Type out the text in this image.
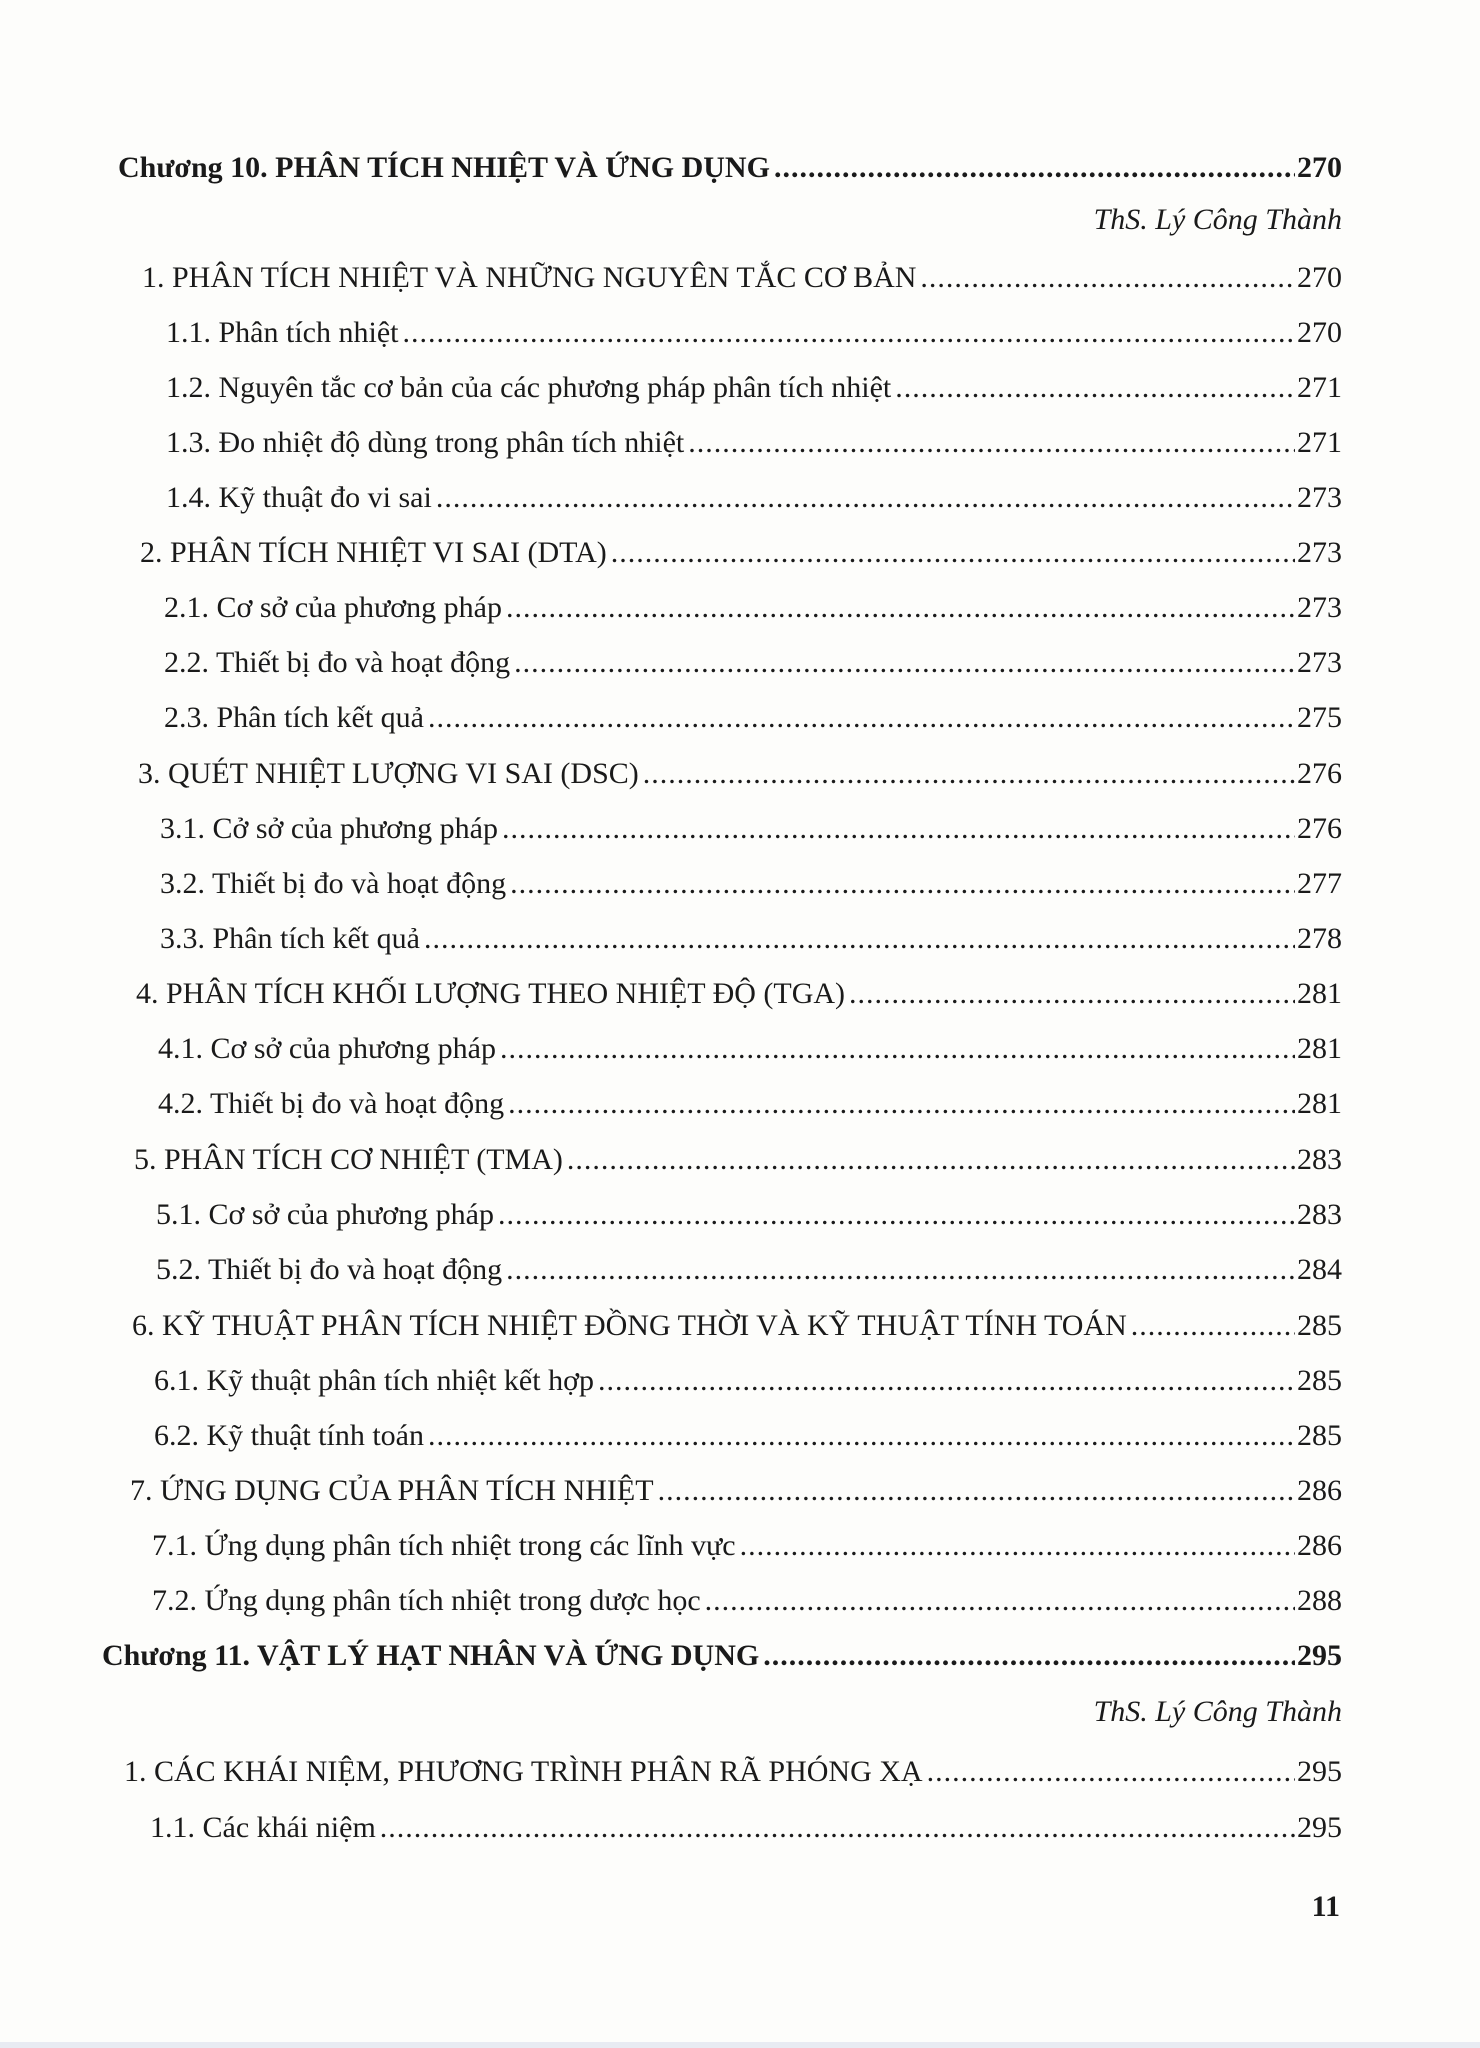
Chương 10. PHÂN TÍCH NHIỆT VÀ ỨNG DỤNG .....	270
ThS. Lý Công Thành
1. PHÂN TÍCH NHIỆT VÀ NHỮNG NGUYÊN TẮC CƠ BẢN .....	270
1.1. Phân tích nhiệt .....	270
1.2. Nguyên tắc cơ bản của các phương pháp phân tích nhiệt .....	271
1.3. Đo nhiệt độ dùng trong phân tích nhiệt .....	271
1.4. Kỹ thuật đo vi sai .....	273
2. PHÂN TÍCH NHIỆT VI SAI (DTA) .....	273
2.1. Cơ sở của phương pháp .....	273
2.2. Thiết bị đo và hoạt động .....	273
2.3. Phân tích kết quả .....	275
3. QUÉT NHIỆT LƯỢNG VI SAI (DSC) .....	276
3.1. Cở sở của phương pháp .....	276
3.2. Thiết bị đo và hoạt động .....	277
3.3. Phân tích kết quả .....	278
4. PHÂN TÍCH KHỐI LƯỢNG THEO NHIỆT ĐỘ (TGA) .....	281
4.1. Cơ sở của phương pháp .....	281
4.2. Thiết bị đo và hoạt động .....	281
5. PHÂN TÍCH CƠ NHIỆT (TMA) .....	283
5.1. Cơ sở của phương pháp .....	283
5.2. Thiết bị đo và hoạt động .....	284
6. KỸ THUẬT PHÂN TÍCH NHIỆT ĐỒNG THỜI VÀ KỸ THUẬT TÍNH TOÁN .....	285
6.1. Kỹ thuật phân tích nhiệt kết hợp .....	285
6.2. Kỹ thuật tính toán .....	285
7. ỨNG DỤNG CỦA PHÂN TÍCH NHIỆT .....	286
7.1. Ứng dụng phân tích nhiệt trong các lĩnh vực .....	286
7.2. Ứng dụng phân tích nhiệt trong dược học .....	288
Chương 11. VẬT LÝ HẠT NHÂN VÀ ỨNG DỤNG .....	295
ThS. Lý Công Thành
1. CÁC KHÁI NIỆM, PHƯƠNG TRÌNH PHÂN RÃ PHÓNG XẠ .....	295
1.1. Các khái niệm .....	295
11
